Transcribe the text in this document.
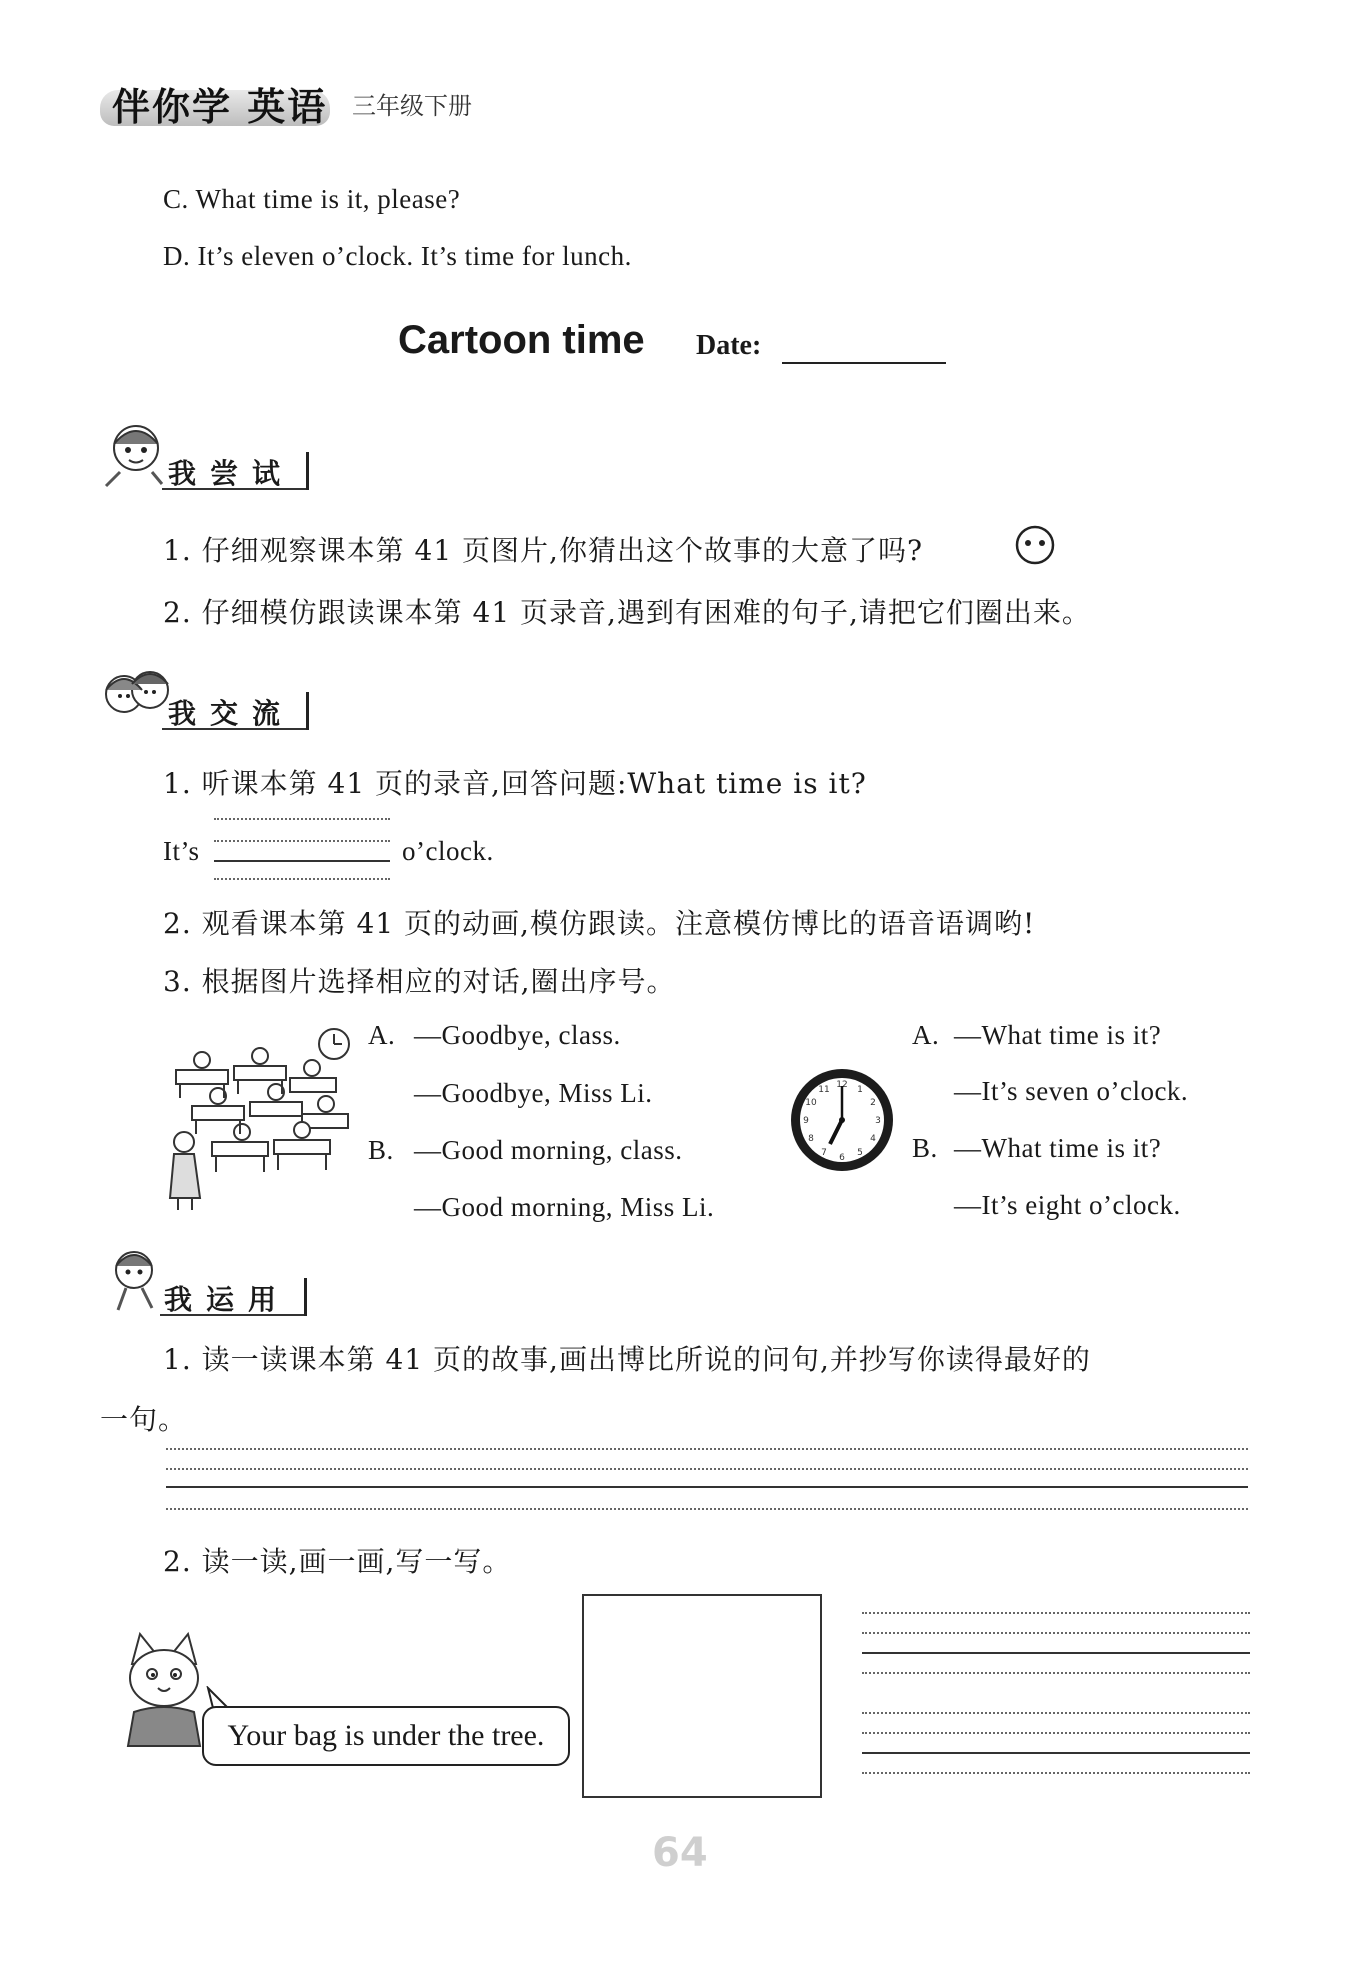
伴你学 英语 三年级下册
C. What time is it, please?
D. It’s eleven o’clock. It’s time for lunch.
Cartoon time Date:
我尝试
1. 仔细观察课本第 41 页图片,你猜出这个故事的大意了吗?
2. 仔细模仿跟读课本第 41 页录音,遇到有困难的句子,请把它们圈出来。
我交流
1. 听课本第 41 页的录音,回答问题:What time is it?
It’s	o’clock.
2. 观看课本第 41 页的动画,模仿跟读。注意模仿博比的语音语调哟!
3. 根据图片选择相应的对话,圈出序号。
A. —Goodbye, class.
—Goodbye, Miss Li.
B. —Good morning, class.
—Good morning, Miss Li.
12 1
2
3
4
5
6
7
8
9
10
11
A. —What time is it?
—It’s seven o’clock.
B. —What time is it?
—It’s eight o’clock.
我运用
1. 读一读课本第 41 页的故事,画出博比所说的问句,并抄写你读得最好的
一句。
2. 读一读,画一画,写一写。
Your bag is under the tree.
64
